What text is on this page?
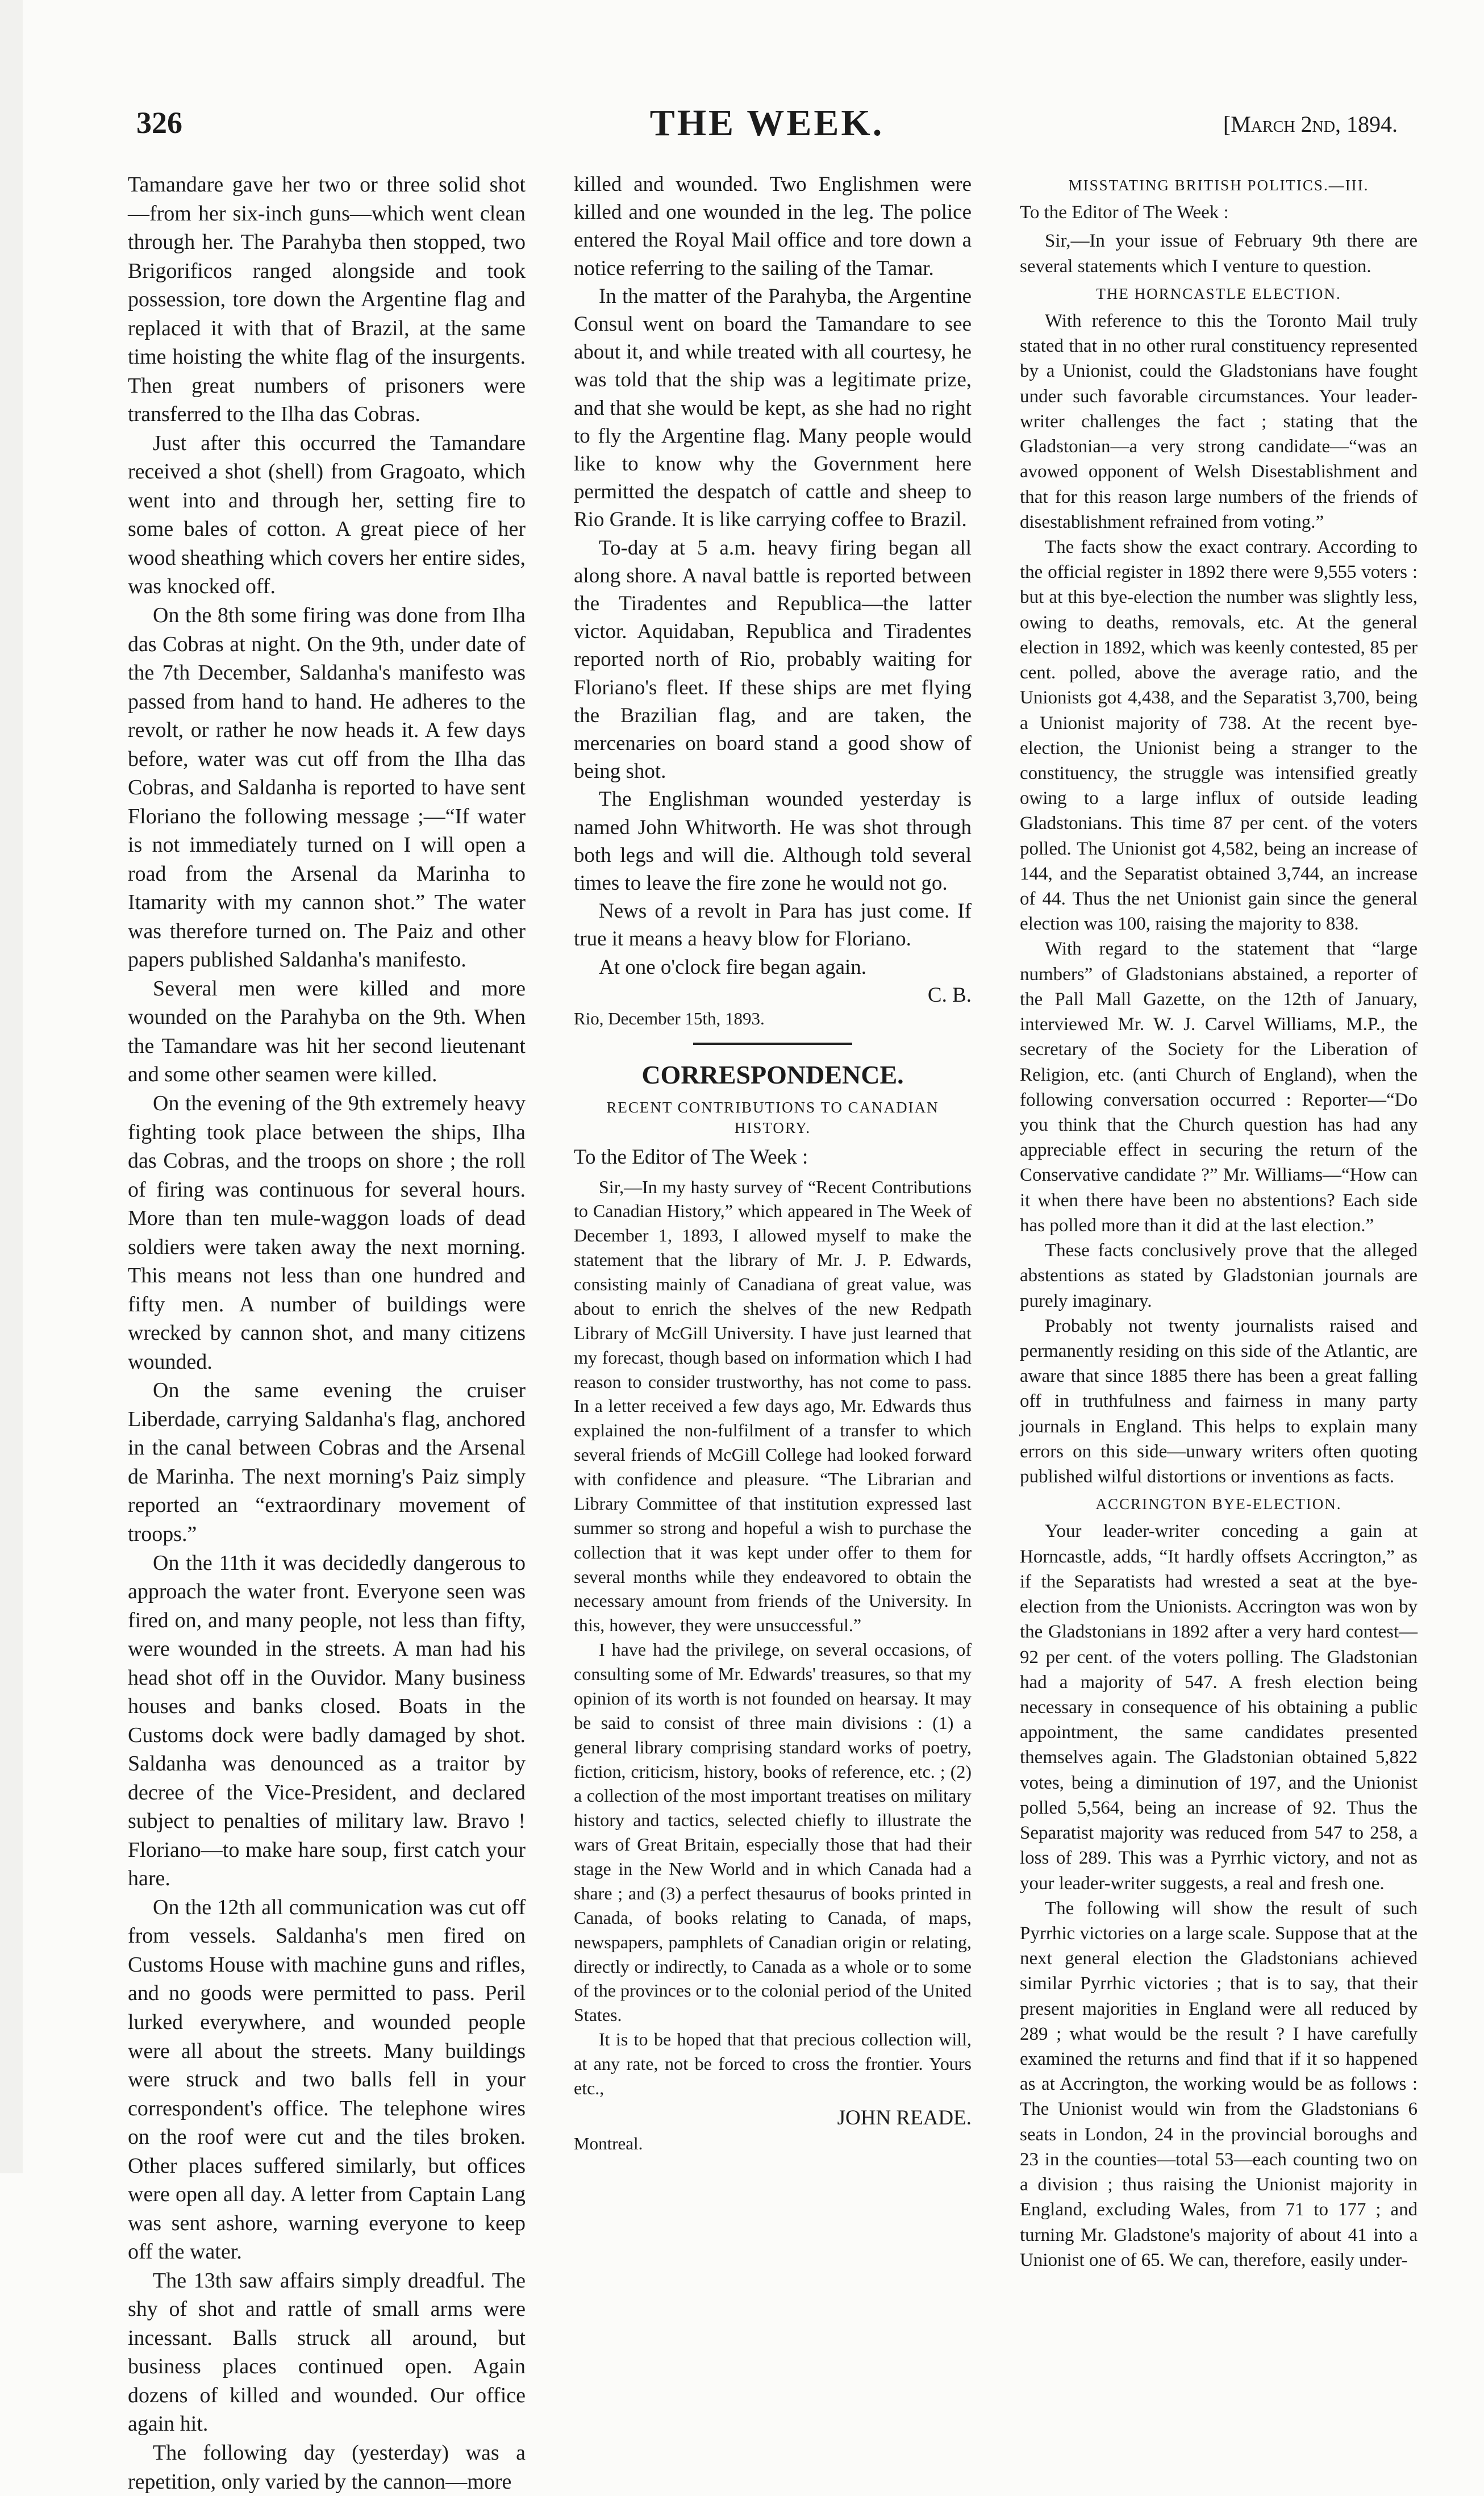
326	THE WEEK.	[March 2nd, 1894.

Tamandare gave her two or three solid shot —from her six-inch guns—which went clean through her. The Parahyba then stopped, two Brigorificos ranged alongside and took possession, tore down the Argentine flag and replaced it with that of Brazil, at the same time hoisting the white flag of the insurgents. Then great numbers of prisoners were transferred to the Ilha das Cobras.

Just after this occurred the Tamandare received a shot (shell) from Gragoato, which went into and through her, setting fire to some bales of cotton. A great piece of her wood sheathing which covers her entire sides, was knocked off.

On the 8th some firing was done from Ilha das Cobras at night. On the 9th, under date of the 7th December, Saldanha's manifesto was passed from hand to hand. He adheres to the revolt, or rather he now heads it. A few days before, water was cut off from the Ilha das Cobras, and Saldanha is reported to have sent Floriano the following message ;—“If water is not immediately turned on I will open a road from the Arsenal da Marinha to Itamarity with my cannon shot.” The water was therefore turned on. The Paiz and other papers published Saldanha's manifesto.

Several men were killed and more wounded on the Parahyba on the 9th. When the Tamandare was hit her second lieutenant and some other seamen were killed.

On the evening of the 9th extremely heavy fighting took place between the ships, Ilha das Cobras, and the troops on shore ; the roll of firing was continuous for several hours. More than ten mule-waggon loads of dead soldiers were taken away the next morning. This means not less than one hundred and fifty men. A number of buildings were wrecked by cannon shot, and many citizens wounded.

On the same evening the cruiser Liberdade, carrying Saldanha's flag, anchored in the canal between Cobras and the Arsenal de Marinha. The next morning's Paiz simply reported an “extraordinary movement of troops.”

On the 11th it was decidedly dangerous to approach the water front. Everyone seen was fired on, and many people, not less than fifty, were wounded in the streets. A man had his head shot off in the Ouvidor. Many business houses and banks closed. Boats in the Customs dock were badly damaged by shot. Saldanha was denounced as a traitor by decree of the Vice-President, and declared subject to penalties of military law. Bravo ! Floriano—to make hare soup, first catch your hare.

On the 12th all communication was cut off from vessels. Saldanha's men fired on Customs House with machine guns and rifles, and no goods were permitted to pass. Peril lurked everywhere, and wounded people were all about the streets. Many buildings were struck and two balls fell in your correspondent's office. The telephone wires on the roof were cut and the tiles broken. Other places suffered similarly, but offices were open all day. A letter from Captain Lang was sent ashore, warning everyone to keep off the water.

The 13th saw affairs simply dreadful. The shy of shot and rattle of small arms were incessant. Balls struck all around, but business places continued open. Again dozens of killed and wounded. Our office again hit.

The following day (yesterday) was a repetition, only varied by the cannon—more

killed and wounded. Two Englishmen were killed and one wounded in the leg. The police entered the Royal Mail office and tore down a notice referring to the sailing of the Tamar.

In the matter of the Parahyba, the Argentine Consul went on board the Tamandare to see about it, and while treated with all courtesy, he was told that the ship was a legitimate prize, and that she would be kept, as she had no right to fly the Argentine flag. Many people would like to know why the Government here permitted the despatch of cattle and sheep to Rio Grande. It is like carrying coffee to Brazil.

To-day at 5 a.m. heavy firing began all along shore. A naval battle is reported between the Tiradentes and Republica—the latter victor. Aquidaban, Republica and Tiradentes reported north of Rio, probably waiting for Floriano's fleet. If these ships are met flying the Brazilian flag, and are taken, the mercenaries on board stand a good show of being shot.

The Englishman wounded yesterday is named John Whitworth. He was shot through both legs and will die. Although told several times to leave the fire zone he would not go.

News of a revolt in Para has just come. If true it means a heavy blow for Floriano.

At one o'clock fire began again.

C. B.

Rio, December 15th, 1893.

CORRESPONDENCE.
RECENT CONTRIBUTIONS TO CANADIAN HISTORY.

To the Editor of The Week :

Sir,—In my hasty survey of “Recent Contributions to Canadian History,” which appeared in The Week of December 1, 1893, I allowed myself to make the statement that the library of Mr. J. P. Edwards, consisting mainly of Canadiana of great value, was about to enrich the shelves of the new Redpath Library of McGill University. I have just learned that my forecast, though based on information which I had reason to consider trustworthy, has not come to pass. In a letter received a few days ago, Mr. Edwards thus explained the non-fulfilment of a transfer to which several friends of McGill College had looked forward with confidence and pleasure. “The Librarian and Library Committee of that institution expressed last summer so strong and hopeful a wish to purchase the collection that it was kept under offer to them for several months while they endeavored to obtain the necessary amount from friends of the University. In this, however, they were unsuccessful.”

I have had the privilege, on several occasions, of consulting some of Mr. Edwards' treasures, so that my opinion of its worth is not founded on hearsay. It may be said to consist of three main divisions : (1) a general library comprising standard works of poetry, fiction, criticism, history, books of reference, etc. ; (2) a collection of the most important treatises on military history and tactics, selected chiefly to illustrate the wars of Great Britain, especially those that had their stage in the New World and in which Canada had a share ; and (3) a perfect thesaurus of books printed in Canada, of books relating to Canada, of maps, newspapers, pamphlets of Canadian origin or relating, directly or indirectly, to Canada as a whole or to some of the provinces or to the colonial period of the United States.

It is to be hoped that that precious collection will, at any rate, not be forced to cross the frontier. Yours etc.,

JOHN READE.

Montreal.

MISSTATING BRITISH POLITICS.—III.

To the Editor of The Week :

Sir,—In your issue of February 9th there are several statements which I venture to question.

THE HORNCASTLE ELECTION.

With reference to this the Toronto Mail truly stated that in no other rural constituency represented by a Unionist, could the Gladstonians have fought under such favorable circumstances. Your leader-writer challenges the fact ; stating that the Gladstonian—a very strong candidate—“was an avowed opponent of Welsh Disestablishment and that for this reason large numbers of the friends of disestablishment refrained from voting.”

The facts show the exact contrary. According to the official register in 1892 there were 9,555 voters : but at this bye-election the number was slightly less, owing to deaths, removals, etc. At the general election in 1892, which was keenly contested, 85 per cent. polled, above the average ratio, and the Unionists got 4,438, and the Separatist 3,700, being a Unionist majority of 738. At the recent bye-election, the Unionist being a stranger to the constituency, the struggle was intensified greatly owing to a large influx of outside leading Gladstonians. This time 87 per cent. of the voters polled. The Unionist got 4,582, being an increase of 144, and the Separatist obtained 3,744, an increase of 44. Thus the net Unionist gain since the general election was 100, raising the majority to 838.

With regard to the statement that “large numbers” of Gladstonians abstained, a reporter of the Pall Mall Gazette, on the 12th of January, interviewed Mr. W. J. Carvel Williams, M.P., the secretary of the Society for the Liberation of Religion, etc. (anti Church of England), when the following conversation occurred : Reporter—“Do you think that the Church question has had any appreciable effect in securing the return of the Conservative candidate ?” Mr. Williams—“How can it when there have been no abstentions? Each side has polled more than it did at the last election.”

These facts conclusively prove that the alleged abstentions as stated by Gladstonian journals are purely imaginary.

Probably not twenty journalists raised and permanently residing on this side of the Atlantic, are aware that since 1885 there has been a great falling off in truthfulness and fairness in many party journals in England. This helps to explain many errors on this side—unwary writers often quoting published wilful distortions or inventions as facts.

ACCRINGTON BYE-ELECTION.

Your leader-writer conceding a gain at Horncastle, adds, “It hardly offsets Accrington,” as if the Separatists had wrested a seat at the bye-election from the Unionists. Accrington was won by the Gladstonians in 1892 after a very hard contest—92 per cent. of the voters polling. The Gladstonian had a majority of 547. A fresh election being necessary in consequence of his obtaining a public appointment, the same candidates presented themselves again. The Gladstonian obtained 5,822 votes, being a diminution of 197, and the Unionist polled 5,564, being an increase of 92. Thus the Separatist majority was reduced from 547 to 258, a loss of 289. This was a Pyrrhic victory, and not as your leader-writer suggests, a real and fresh one.

The following will show the result of such Pyrrhic victories on a large scale. Suppose that at the next general election the Gladstonians achieved similar Pyrrhic victories ; that is to say, that their present majorities in England were all reduced by 289 ; what would be the result ? I have carefully examined the returns and find that if it so happened as at Accrington, the working would be as follows : The Unionist would win from the Gladstonians 6 seats in London, 24 in the provincial boroughs and 23 in the counties—total 53—each counting two on a division ; thus raising the Unionist majority in England, excluding Wales, from 71 to 177 ; and turning Mr. Gladstone's majority of about 41 into a Unionist one of 65. We can, therefore, easily under-
